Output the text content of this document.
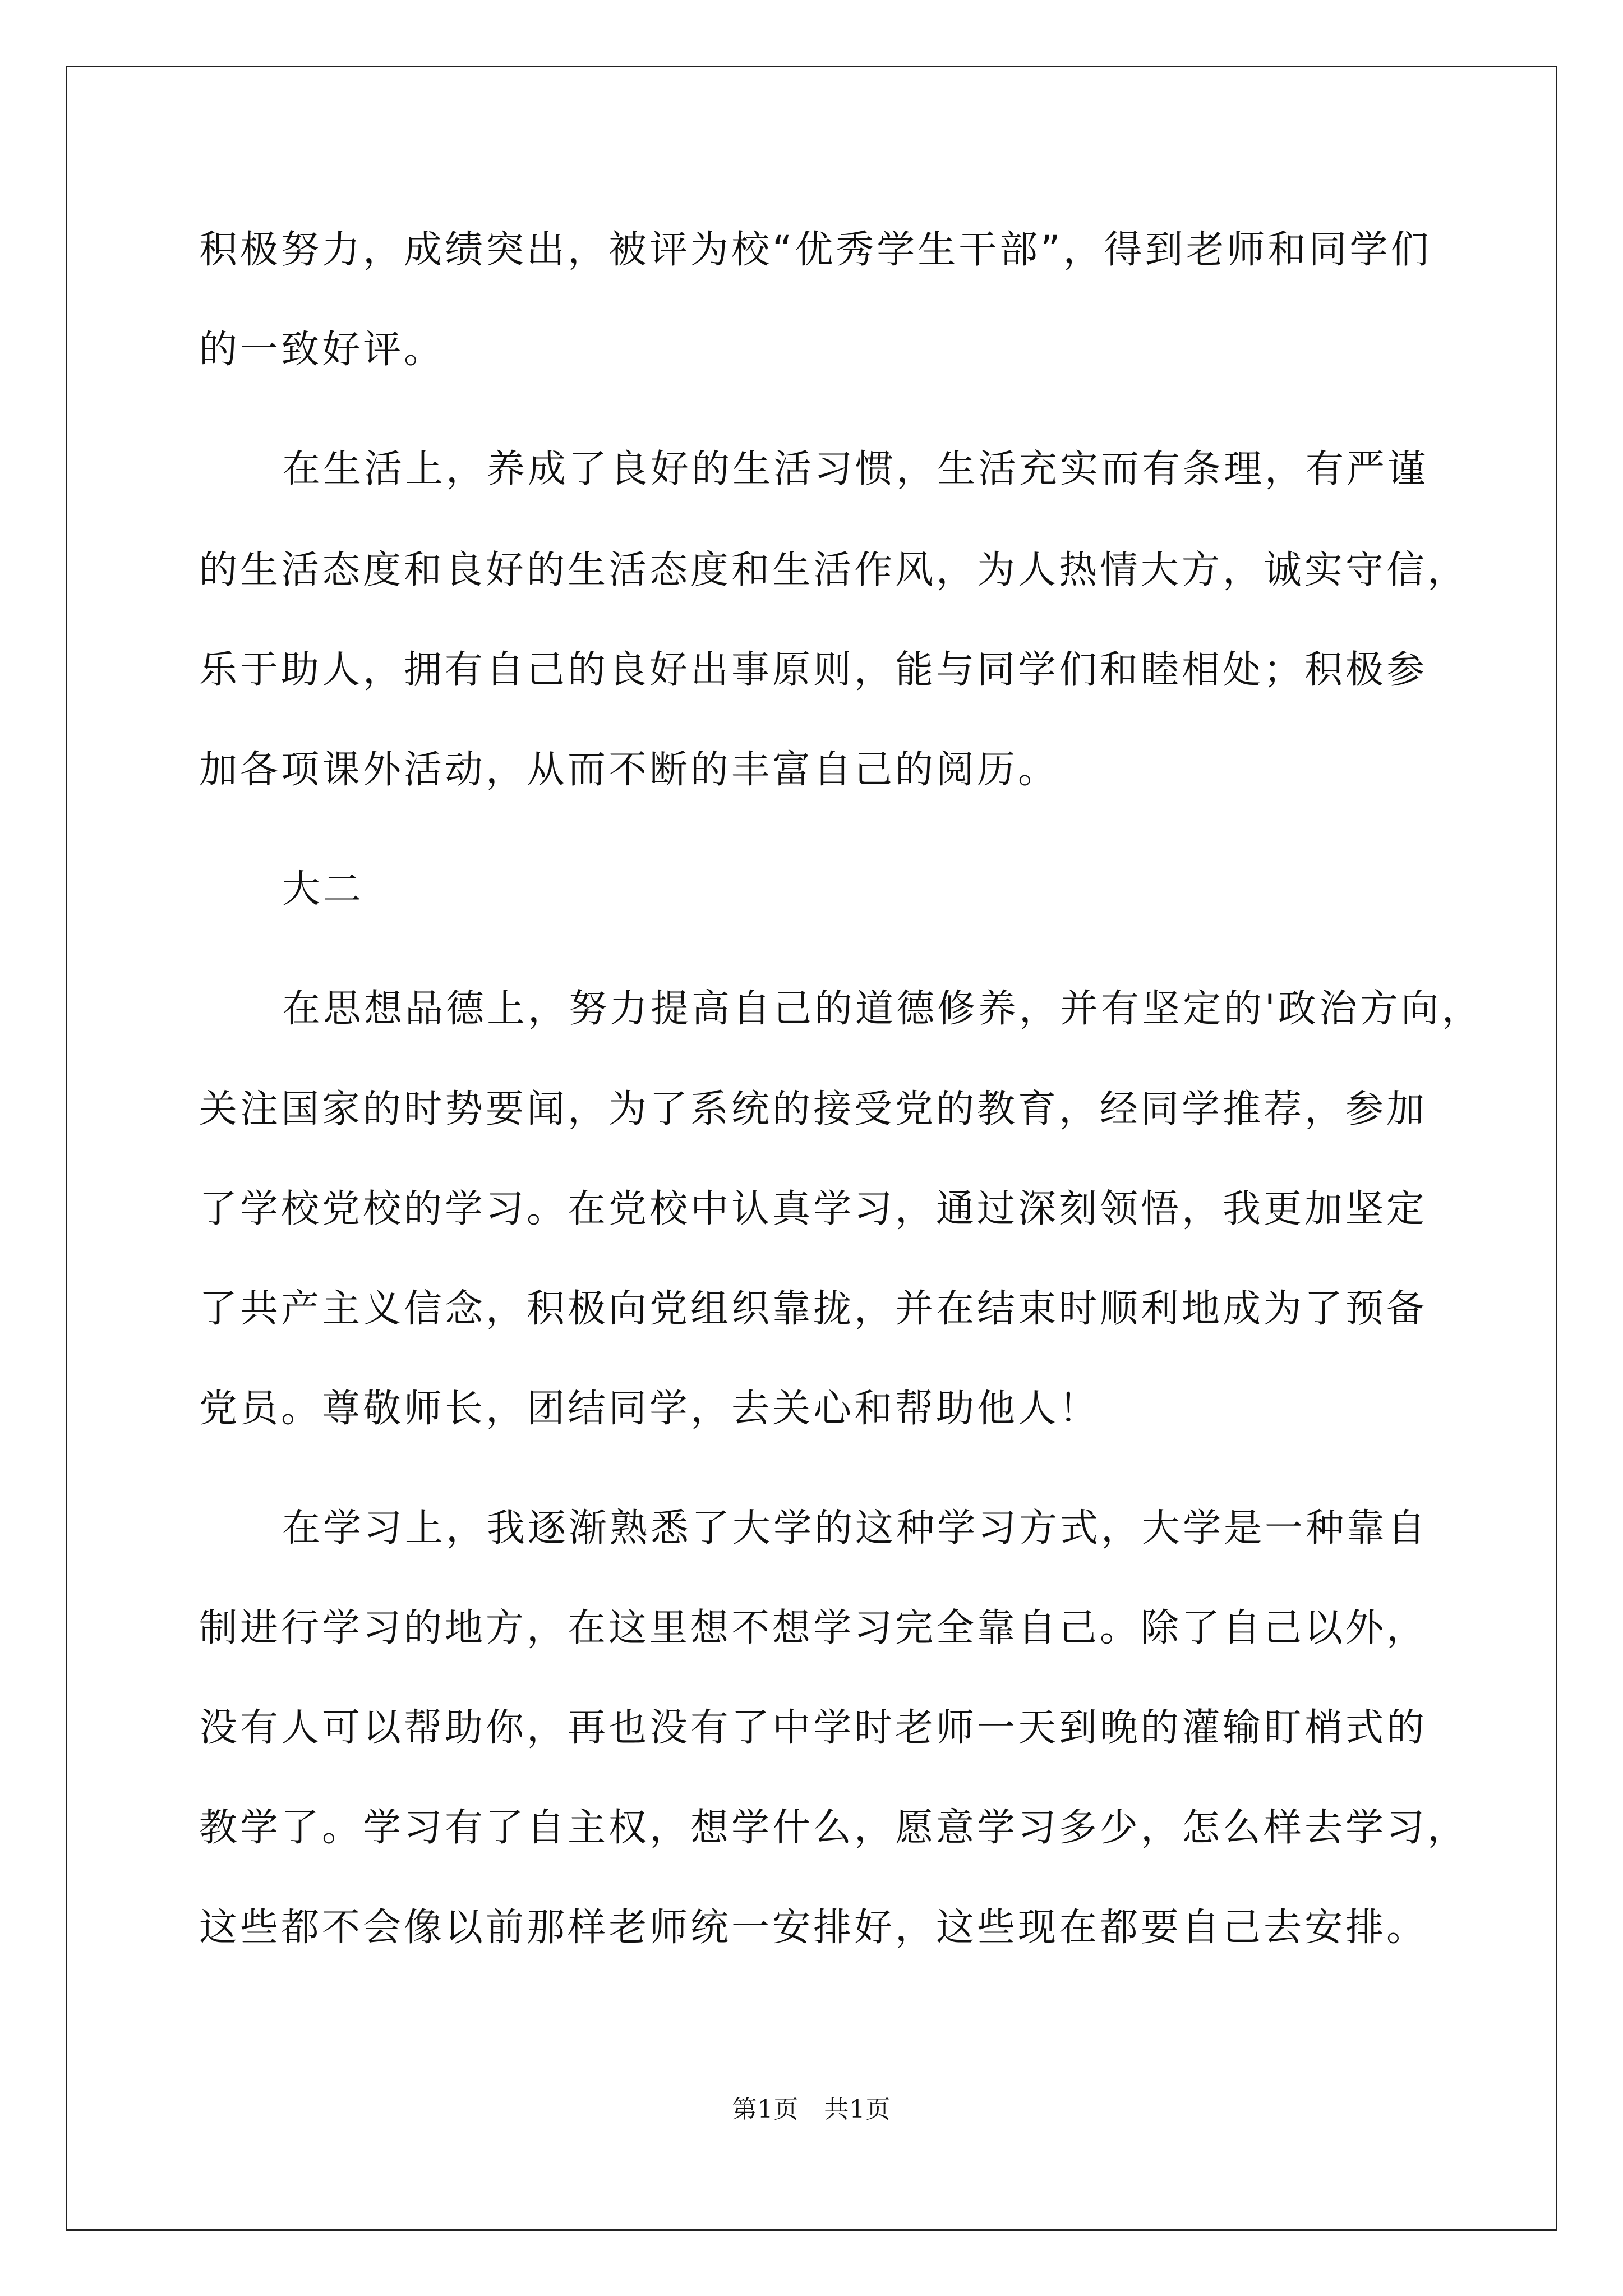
积极努力，成绩突出，被评为校“优秀学生干部”，得到老师和同学们
的一致好评。
在生活上，养成了良好的生活习惯，生活充实而有条理，有严谨
的生活态度和良好的生活态度和生活作风，为人热情大方，诚实守信，
乐于助人，拥有自己的良好出事原则，能与同学们和睦相处；积极参
加各项课外活动，从而不断的丰富自己的阅历。
大二
在思想品德上，努力提高自己的道德修养，并有坚定的'政治方向，
关注国家的时势要闻，为了系统的接受党的教育，经同学推荐，参加
了学校党校的学习。在党校中认真学习，通过深刻领悟，我更加坚定
了共产主义信念，积极向党组织靠拢，并在结束时顺利地成为了预备
党员。尊敬师长，团结同学，去关心和帮助他人！
在学习上，我逐渐熟悉了大学的这种学习方式，大学是一种靠自
制进行学习的地方，在这里想不想学习完全靠自己。除了自己以外，
没有人可以帮助你，再也没有了中学时老师一天到晚的灌输盯梢式的
教学了。学习有了自主权，想学什么，愿意学习多少，怎么样去学习，
这些都不会像以前那样老师统一安排好，这些现在都要自己去安排。
第1页　共1页
